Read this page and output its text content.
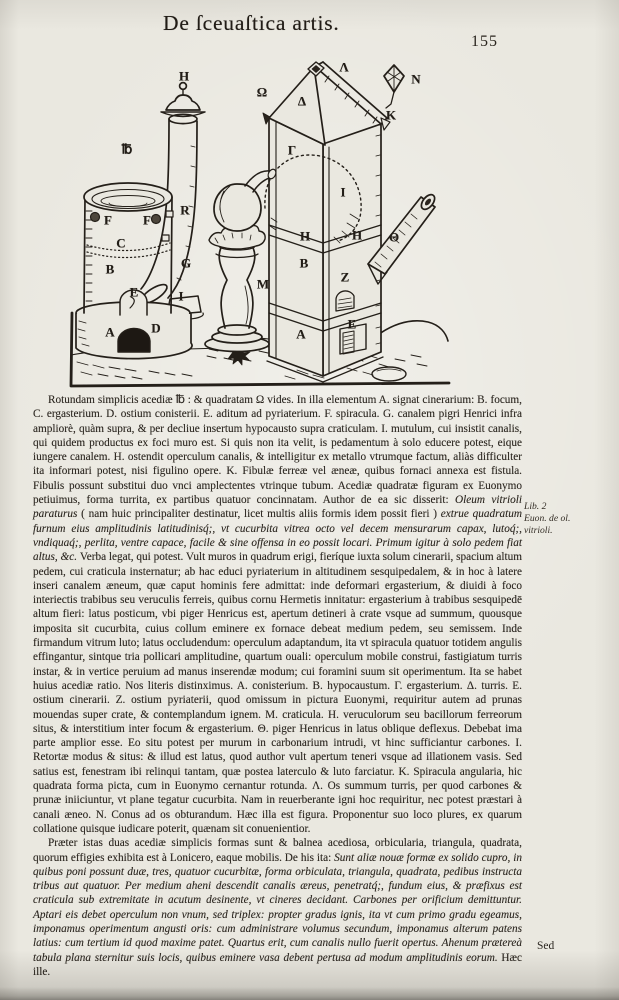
De ſceuaſtica artis.
155
H
℔
Ω
Λ
Δ
N
K
Γ
I
R
F F
C
B	G
E	I
A	D
M
H	H Θ
B
Z
E
A

Rotundam simplicis acediæ ℔ : & quadratam Ω vides. In illa elementum A. signat cinerarium: B. focum, C. ergasterium. D. ostium conisterii. E. aditum ad pyriaterium. F. spiracula. G. canalem pigri Henrici infra ampliorè, quàm supra, & per decliue insertum hypocausto supra craticulam. I. mutulum, cui insistit canalis, qui quidem productus ex foci muro est. Si quis non ita velit, is pedamentum à solo educere potest, eique iungere canalem. H. ostendit operculum canalis, & intelligitur ex metallo vtrumque factum, aliàs difficulter ita informari potest, nisi figulino opere. K. Fibulæ ferreæ vel æneæ, quibus fornaci annexa est fistula. Fibulis possunt substitui duo vnci amplectentes vtrinque tubum. Acediæ quadratæ figuram ex Euonymo petiuimus, forma turrita, ex partibus quatuor concinnatam. Author de ea sic disserit: Oleum vitrioli paraturus ( nam huic principaliter destinatur, licet multis aliis formis idem possit fieri ) extrue quadratum furnum eius amplitudinis latitudinisq́;, vt cucurbita vitrea octo vel decem mensurarum capax, lutoq́;, vndiquaq́;, perlita, ventre capace, facile & sine offensa in eo possit locari. Primum igitur à solo pedem fiat altus, &c. Verba legat, qui potest. Vult muros in quadrum erigi, fieríque iuxta solum cinerarii, spacium altum pedem, cui craticula insternatur; ab hac educi pyriaterium in altitudinem sesquipedalem, & in hoc à latere inseri canalem æneum, quæ caput hominis fere admittat: inde deformari ergasterium, & diuidi à foco interiectis trabibus seu veruculis ferreis, quibus cornu Hermetis innitatur: ergasterium à trabibus sesquipedē altum fieri: latus posticum, vbi piger Henricus est, apertum detineri à crate vsque ad summum, quousque imposita sit cucurbita, cuius collum eminere ex fornace debeat medium pedem, seu semissem. Inde firmandum vitrum luto; latus occludendum: operculum adaptandum, ita vt spiracula quatuor totidem angulis effingantur, sintque tria pollicari amplitudine, quartum ouali: operculum mobile construi, fastigiatum turris instar, & in vertice peruium ad manus inserendæ modum; cui foramini suum sit operimentum. Ita se habet huius acediæ ratio. Nos literis distinximus. A. conisterium. B. hypocaustum. Γ. ergasterium. Δ. turris. E. ostium cinerarii. Z. ostium pyriaterii, quod omissum in pictura Euonymi, requiritur autem ad prunas mouendas super crate, & contemplandum ignem. M. craticula. H. veruculorum seu bacillorum ferreorum situs, & interstitium inter focum & ergasterium. Θ. piger Henricus in latus oblique deflexus. Debebat ima parte amplior esse. Eo situ potest per murum in carbonarium intrudi, vt hinc sufficiantur carbones. I. Retortæ modus & situs: & illud est latus, quod author vult apertum teneri vsque ad illationem vasis. Sed satius est, fenestram ibi relinqui tantam, quæ postea laterculo & luto farciatur. K. Spiracula angularia, hic quadrata forma picta, cum in Euonymo cernantur rotunda. Λ. Os summum turris, per quod carbones & prunæ iniiciuntur, vt plane tegatur cucurbita. Nam in reuerberante igni hoc requiritur, nec potest præstari à canali æneo. N. Conus ad os obturandum. Hæc illa est figura. Proponentur suo loco plures, ex quarum collatione quisque iudicare poterit, quænam sit conuenientior.

Præter istas duas acediæ simplicis formas sunt & balnea acediosa, orbicularia, triangula, quadrata, quorum effigies exhibita est à Lonicero, eaque mobilis. De his ita: Sunt aliæ nouæ formæ ex solido cupro, in quibus poni possunt duæ, tres, quatuor cucurbitæ, forma orbiculata, triangula, quadrata, pedibus instructa tribus aut quatuor. Per medium aheni descendit canalis æreus, penetratq́;, fundum eius, & præfixus est craticula sub extremitate in acutum desinente, vt cineres decidant. Carbones per orificium demittuntur. Aptari eis debet operculum non vnum, sed triplex: propter gradus ignis, ita vt cum primo gradu egeamus, imponamus operimentum angusti oris: cum administrare volumus secundum, imponamus alterum patens latius: cum tertium id quod maxime patet. Quartus erit, cum canalis nullo fuerit opertus. Ahenum prætereà tabula plana sternitur suis locis, quibus eminere vasa debent pertusa ad modum amplitudinis eorum. Hæc ille.

Lib. 2
Euon. de ol.
vitrioli.
Sed
